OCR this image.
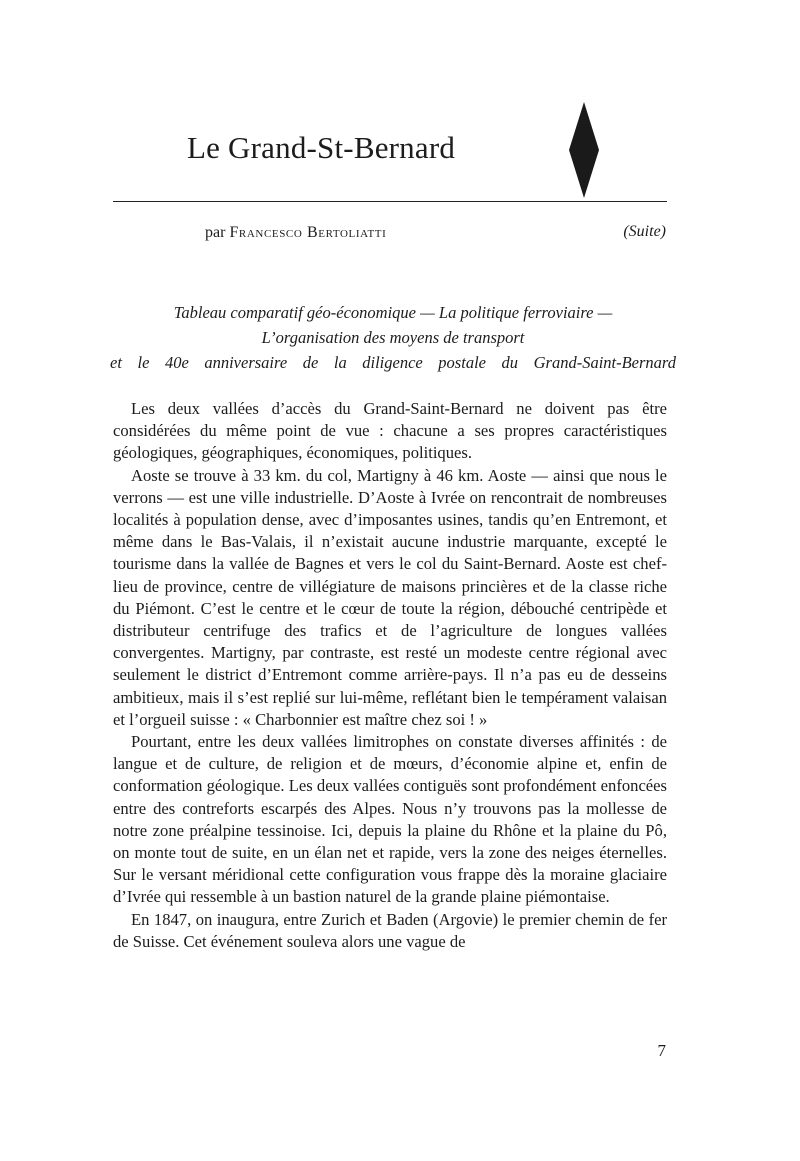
Le Grand-St-Bernard
par Francesco Bertoliatti	(Suite)
Tableau comparatif géo-économique — La politique ferroviaire —
L’organisation des moyens de transport
et le 40e anniversaire de la diligence postale du Grand-Saint-Bernard

Les deux vallées d’accès du Grand-Saint-Bernard ne doivent pas être considérées du même point de vue : chacune a ses propres caractéristiques géologiques, géographiques, économiques, politiques.

Aoste se trouve à 33 km. du col, Martigny à 46 km. Aoste — ainsi que nous le verrons — est une ville industrielle. D’Aoste à Ivrée on rencontrait de nombreuses localités à population dense, avec d’imposantes usines, tandis qu’en Entremont, et même dans le Bas-Valais, il n’existait aucune industrie marquante, excepté le tourisme dans la vallée de Bagnes et vers le col du Saint-Bernard. Aoste est chef-lieu de province, centre de villégiature de maisons princières et de la classe riche du Piémont. C’est le centre et le cœur de toute la région, débouché centripède et distributeur centrifuge des trafics et de l’agriculture de longues vallées convergentes. Martigny, par contraste, est resté un modeste centre régional avec seulement le district d’Entremont comme arrière-pays. Il n’a pas eu de desseins ambitieux, mais il s’est replié sur lui-même, reflétant bien le tempérament valaisan et l’orgueil suisse : « Charbonnier est maître chez soi ! »

Pourtant, entre les deux vallées limitrophes on constate diverses affinités : de langue et de culture, de religion et de mœurs, d’économie alpine et, enfin de conformation géologique. Les deux vallées contiguës sont profondément enfoncées entre des contreforts escarpés des Alpes. Nous n’y trouvons pas la mollesse de notre zone préalpine tessinoise. Ici, depuis la plaine du Rhône et la plaine du Pô, on monte tout de suite, en un élan net et rapide, vers la zone des neiges éternelles. Sur le versant méridional cette configuration vous frappe dès la moraine glaciaire d’Ivrée qui ressemble à un bastion naturel de la grande plaine piémontaise.

En 1847, on inaugura, entre Zurich et Baden (Argovie) le premier chemin de fer de Suisse. Cet événement souleva alors une vague de

7
